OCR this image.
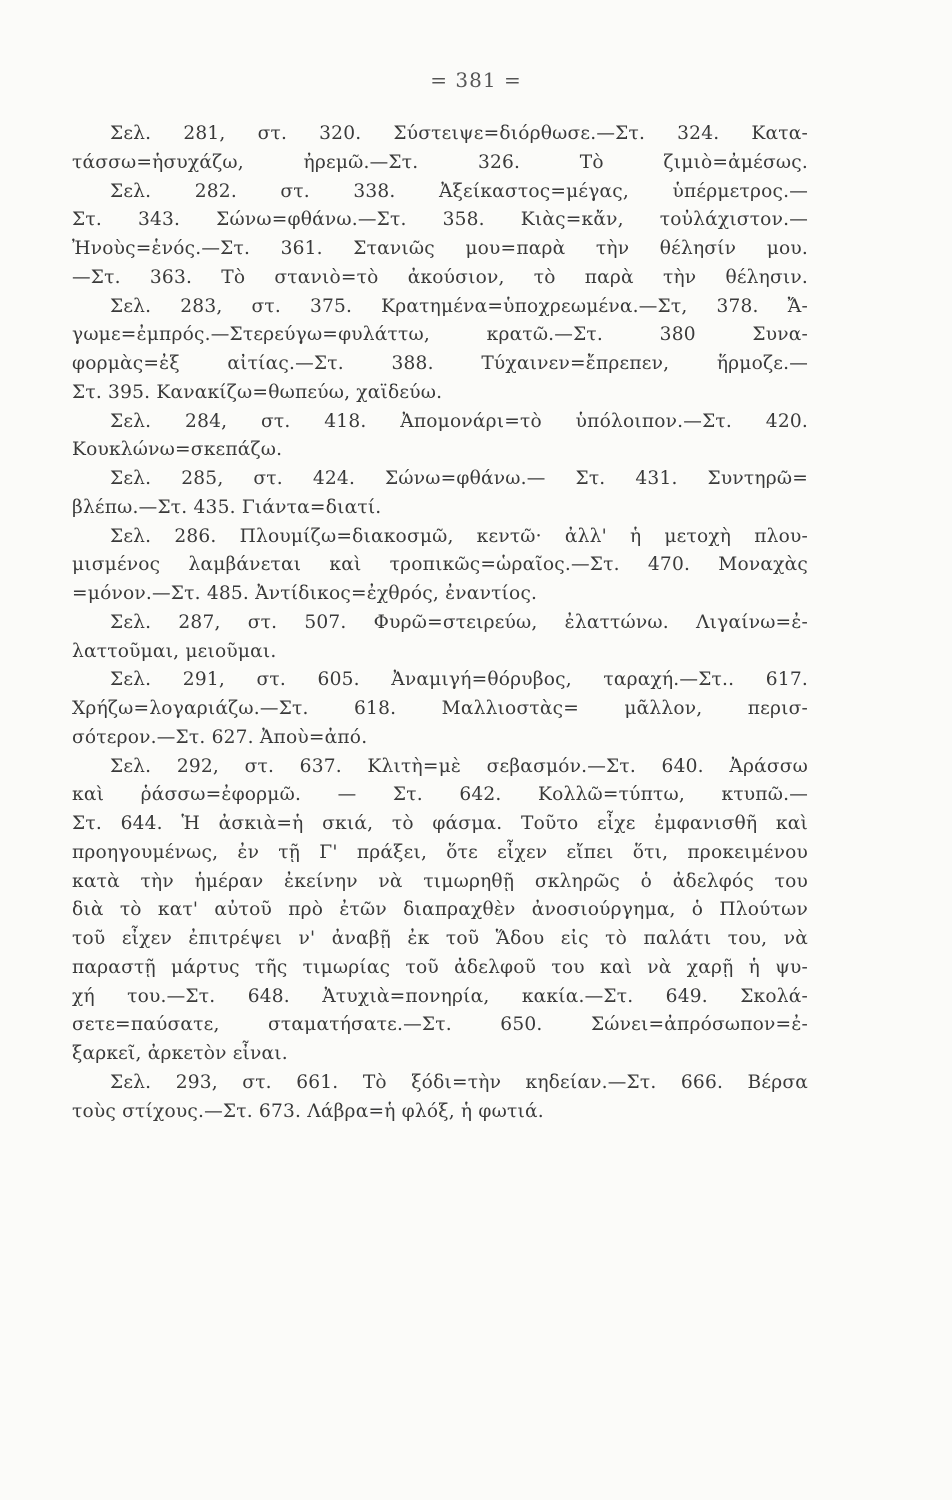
= 381 =
Σελ. 281, στ. 320. Σύστειψε=διόρθωσε.—Στ. 324. Κατα-
τάσσω=ἡσυχάζω, ἠρεμῶ.—Στ. 326. Τὸ ζιμιὸ=ἀμέσως.
Σελ. 282. στ. 338. Ἀξείκαστος=μέγας, ὑπέρμετρος.—
Στ. 343. Σώνω=φθάνω.—Στ. 358. Κιὰς=κἄν, τοὐλάχιστον.—
Ἠνοὺς=ἑνός.—Στ. 361. Στανιῶς μου=παρὰ τὴν θέλησίν μου.
—Στ. 363. Τὸ στανιὸ=τὸ ἀκούσιον, τὸ παρὰ τὴν θέλησιν.
Σελ. 283, στ. 375. Κρατημένα=ὑποχρεωμένα.—Στ, 378. Ἄ-
γωμε=ἐμπρός.—Στερεύγω=φυλάττω, κρατῶ.—Στ. 380 Συνα-
φορμὰς=ἐξ αἰτίας.—Στ. 388. Τύχαινεν=ἔπρεπεν, ἥρμοζε.—
Στ. 395. Κανακίζω=θωπεύω, χαϊδεύω.
Σελ. 284, στ. 418. Ἀπομονάρι=τὸ ὑπόλοιπον.—Στ. 420.
Κουκλώνω=σκεπάζω.
Σελ. 285, στ. 424. Σώνω=φθάνω.— Στ. 431. Συντηρῶ=
βλέπω.—Στ. 435. Γιάντα=διατί.
Σελ. 286. Πλουμίζω=διακοσμῶ, κεντῶ· ἀλλ' ἡ μετοχὴ πλου-
μισμένος λαμβάνεται καὶ τροπικῶς=ὡραῖος.—Στ. 470. Μοναχὰς
=μόνον.—Στ. 485. Ἀντίδικος=ἐχθρός, ἐναντίος.
Σελ. 287, στ. 507. Φυρῶ=στειρεύω, ἐλαττώνω. Λιγαίνω=ἐ-
λαττοῦμαι, μειοῦμαι.
Σελ. 291, στ. 605. Ἀναμιγή=θόρυβος, ταραχή.—Στ.. 617.
Χρήζω=λογαριάζω.—Στ. 618. Μαλλιοστὰς= μᾶλλον, περισ-
σότερον.—Στ. 627. Ἀποὺ=ἀπό.
Σελ. 292, στ. 637. Κλιτὴ=μὲ σεβασμόν.—Στ. 640. Ἀράσσω
καὶ ῥάσσω=ἐφορμῶ. — Στ. 642. Κολλῶ=τύπτω, κτυπῶ.—
Στ. 644. Ἡ ἀσκιὰ=ἡ σκιά, τὸ φάσμα. Τοῦτο εἶχε ἐμφανισθῆ καὶ
προηγουμένως, ἐν τῇ Γ' πράξει, ὅτε εἶχεν εἴπει ὅτι, προκειμένου
κατὰ τὴν ἡμέραν ἐκείνην νὰ τιμωρηθῇ σκληρῶς ὁ ἀδελφός του
διὰ τὸ κατ' αὐτοῦ πρὸ ἐτῶν διαπραχθὲν ἀνοσιούργημα, ὁ Πλούτων
τοῦ εἶχεν ἐπιτρέψει ν' ἀναβῇ ἐκ τοῦ Ἅδου εἰς τὸ παλάτι του, νὰ
παραστῇ μάρτυς τῆς τιμωρίας τοῦ ἀδελφοῦ του καὶ νὰ χαρῇ ἡ ψυ-
χή του.—Στ. 648. Ἀτυχιὰ=πονηρία, κακία.—Στ. 649. Σκολά-
σετε=παύσατε, σταματήσατε.—Στ. 650. Σώνει=ἀπρόσωπον=ἐ-
ξαρκεῖ, ἀρκετὸν εἶναι.
Σελ. 293, στ. 661. Τὸ ξόδι=τὴν κηδείαν.—Στ. 666. Βέρσα
τοὺς στίχους.—Στ. 673. Λάβρα=ἡ φλόξ, ἡ φωτιά.
